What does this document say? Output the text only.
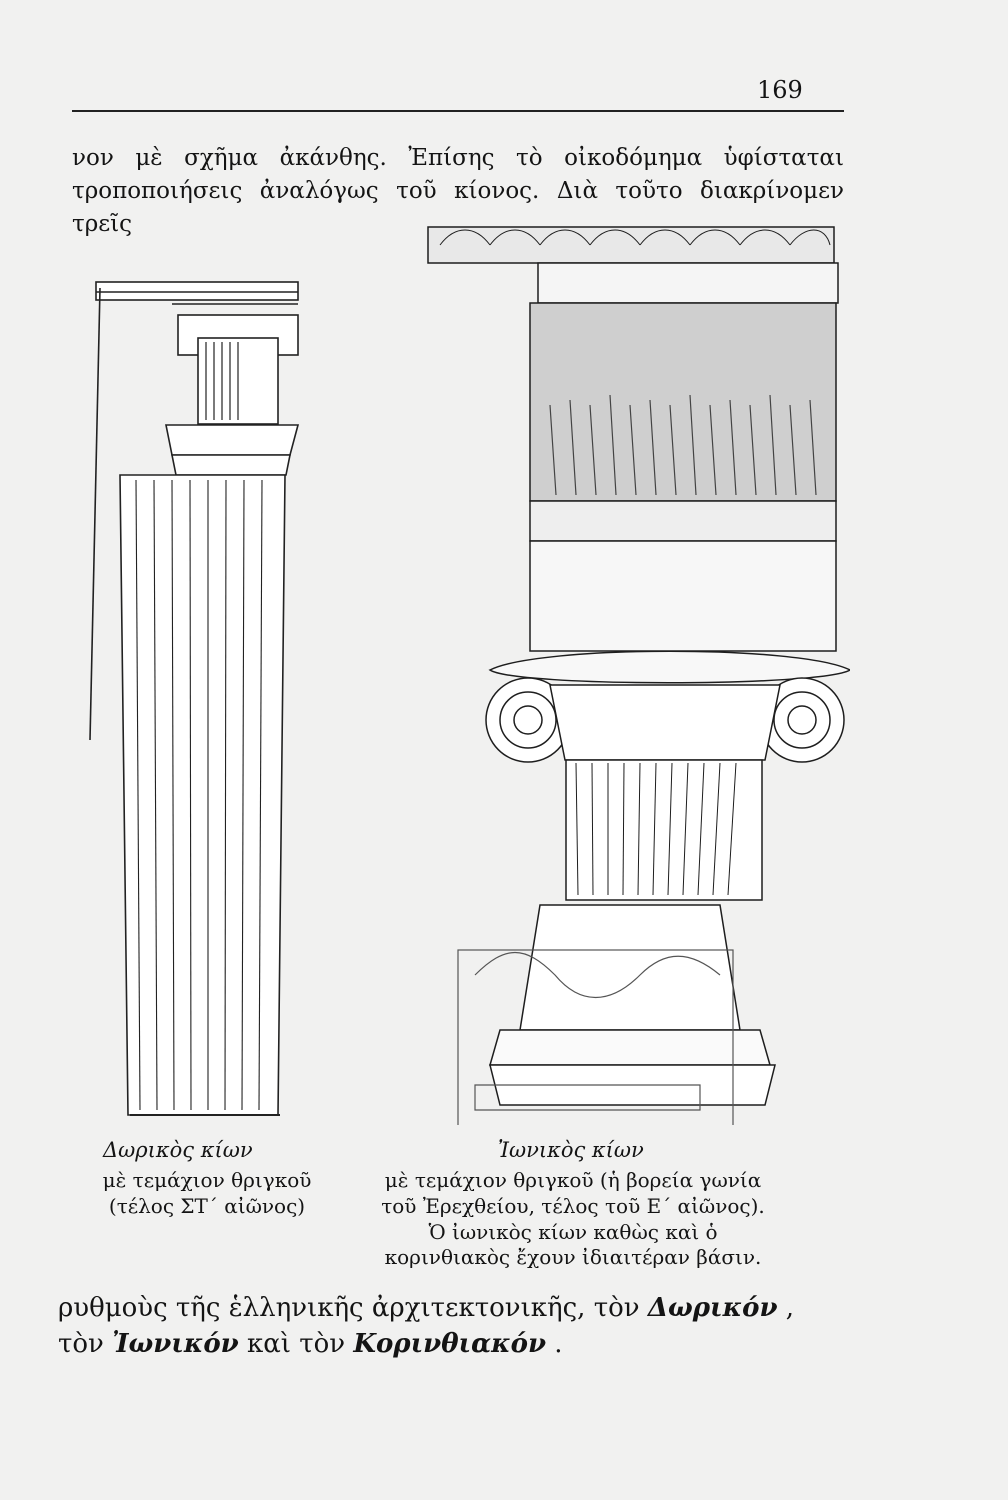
169
νον μὲ σχῆμα ἀκάνθης. Ἐπίσης τὸ οἰκοδόμημα ὑφίσταται τροποποιήσεις ἀναλόγως τοῦ κίονος. Διὰ τοῦτο διακρίνομεν τρεῖς
Δωρικὸς κίων
μὲ τεμάχιον θριγκοῦ
(τέλος ΣΤ΄ αἰῶνος)
Ἰωνικὸς κίων
μὲ τεμάχιον θριγκοῦ (ἡ βορεία γωνία
τοῦ Ἐρεχθείου, τέλος τοῦ Ε΄ αἰῶνος).
Ὁ ἰωνικὸς κίων καθὼς καὶ ὁ κορινθιακὸς ἔχουν ἰδιαιτέραν βάσιν.
ρυθμοὺς τῆς ἑλληνικῆς ἀρχιτεκτονικῆς, τὸν Δωρικόν , τὸν Ἰωνικόν καὶ τὸν Κορινθιακόν .
